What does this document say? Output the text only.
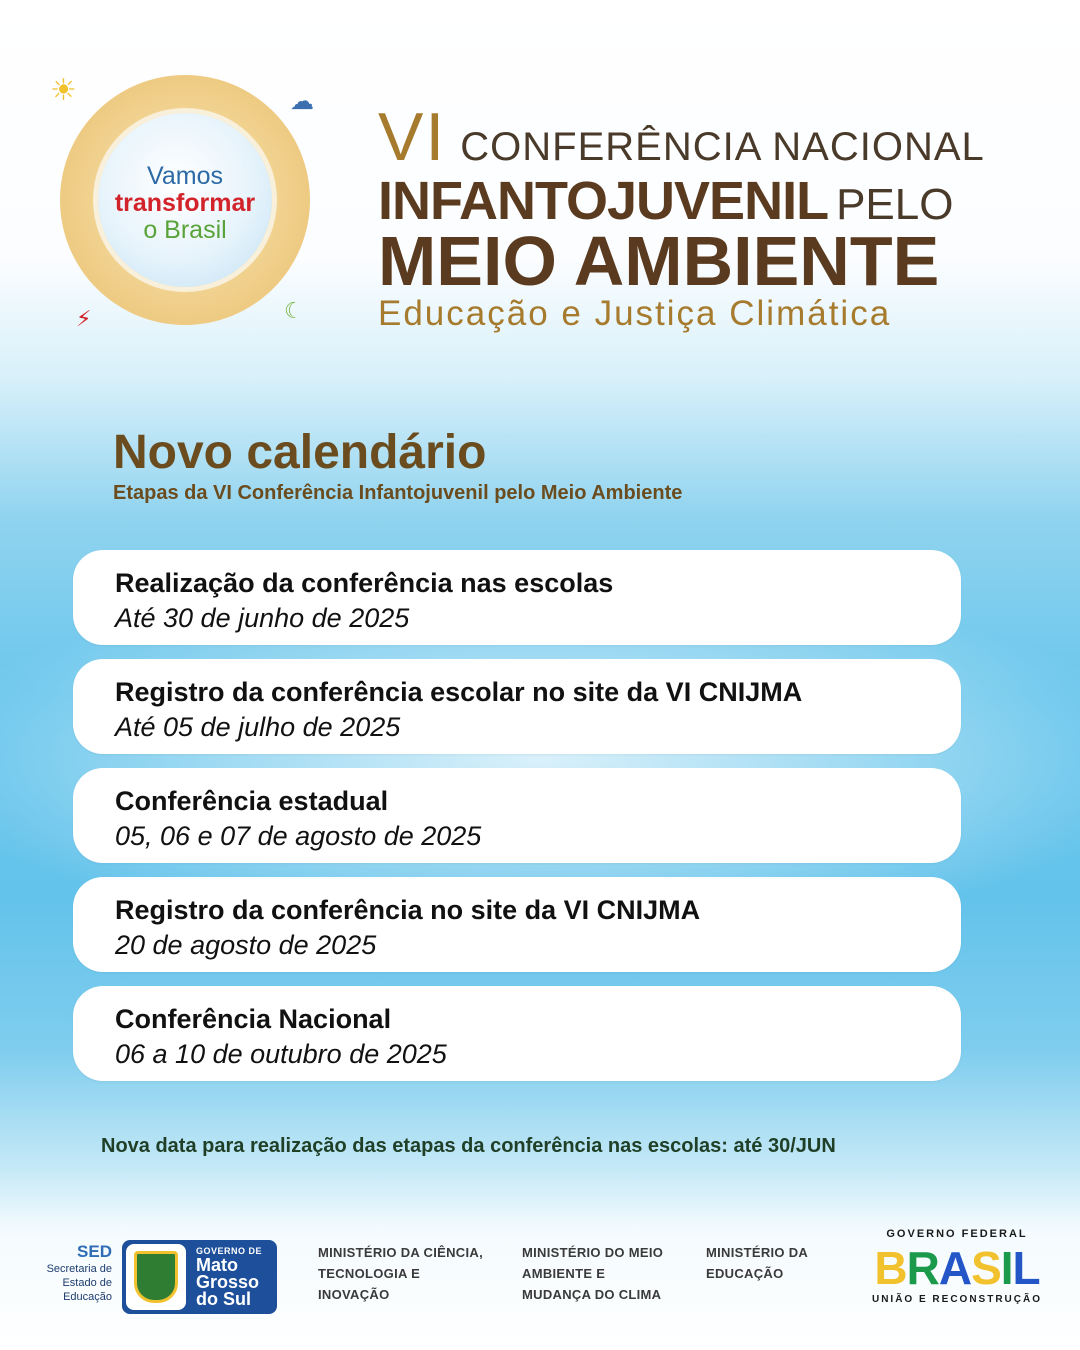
☀	☁
☾
⚡
Vamos
transformar
o Brasil
VI CONFERÊNCIA NACIONAL
INFANTOJUVENIL PELO
MEIO AMBIENTE
Educação e Justiça Climática
Novo calendário
Etapas da VI Conferência Infantojuvenil pelo Meio Ambiente
Realização da conferência nas escolas
Até 30 de junho de 2025
Registro da conferência escolar no site da VI CNIJMA
Até 05 de julho de 2025
Conferência estadual
05, 06 e 07 de agosto de 2025
Registro da conferência no site da VI CNIJMA
20 de agosto de 2025
Conferência Nacional
06 a 10 de outubro de 2025
Nova data para realização das etapas da conferência nas escolas: até 30/JUN
SED
Secretaria de
Estado de
Educação
GOVERNO DE
Mato
Grosso
do Sul
MINISTÉRIO DA CIÊNCIA,
TECNOLOGIA E
INOVAÇÃO
MINISTÉRIO DO MEIO
AMBIENTE E
MUDANÇA DO CLIMA
MINISTÉRIO DA
EDUCAÇÃO
GOVERNO FEDERAL
BRASIL
UNIÃO E RECONSTRUÇÃO
